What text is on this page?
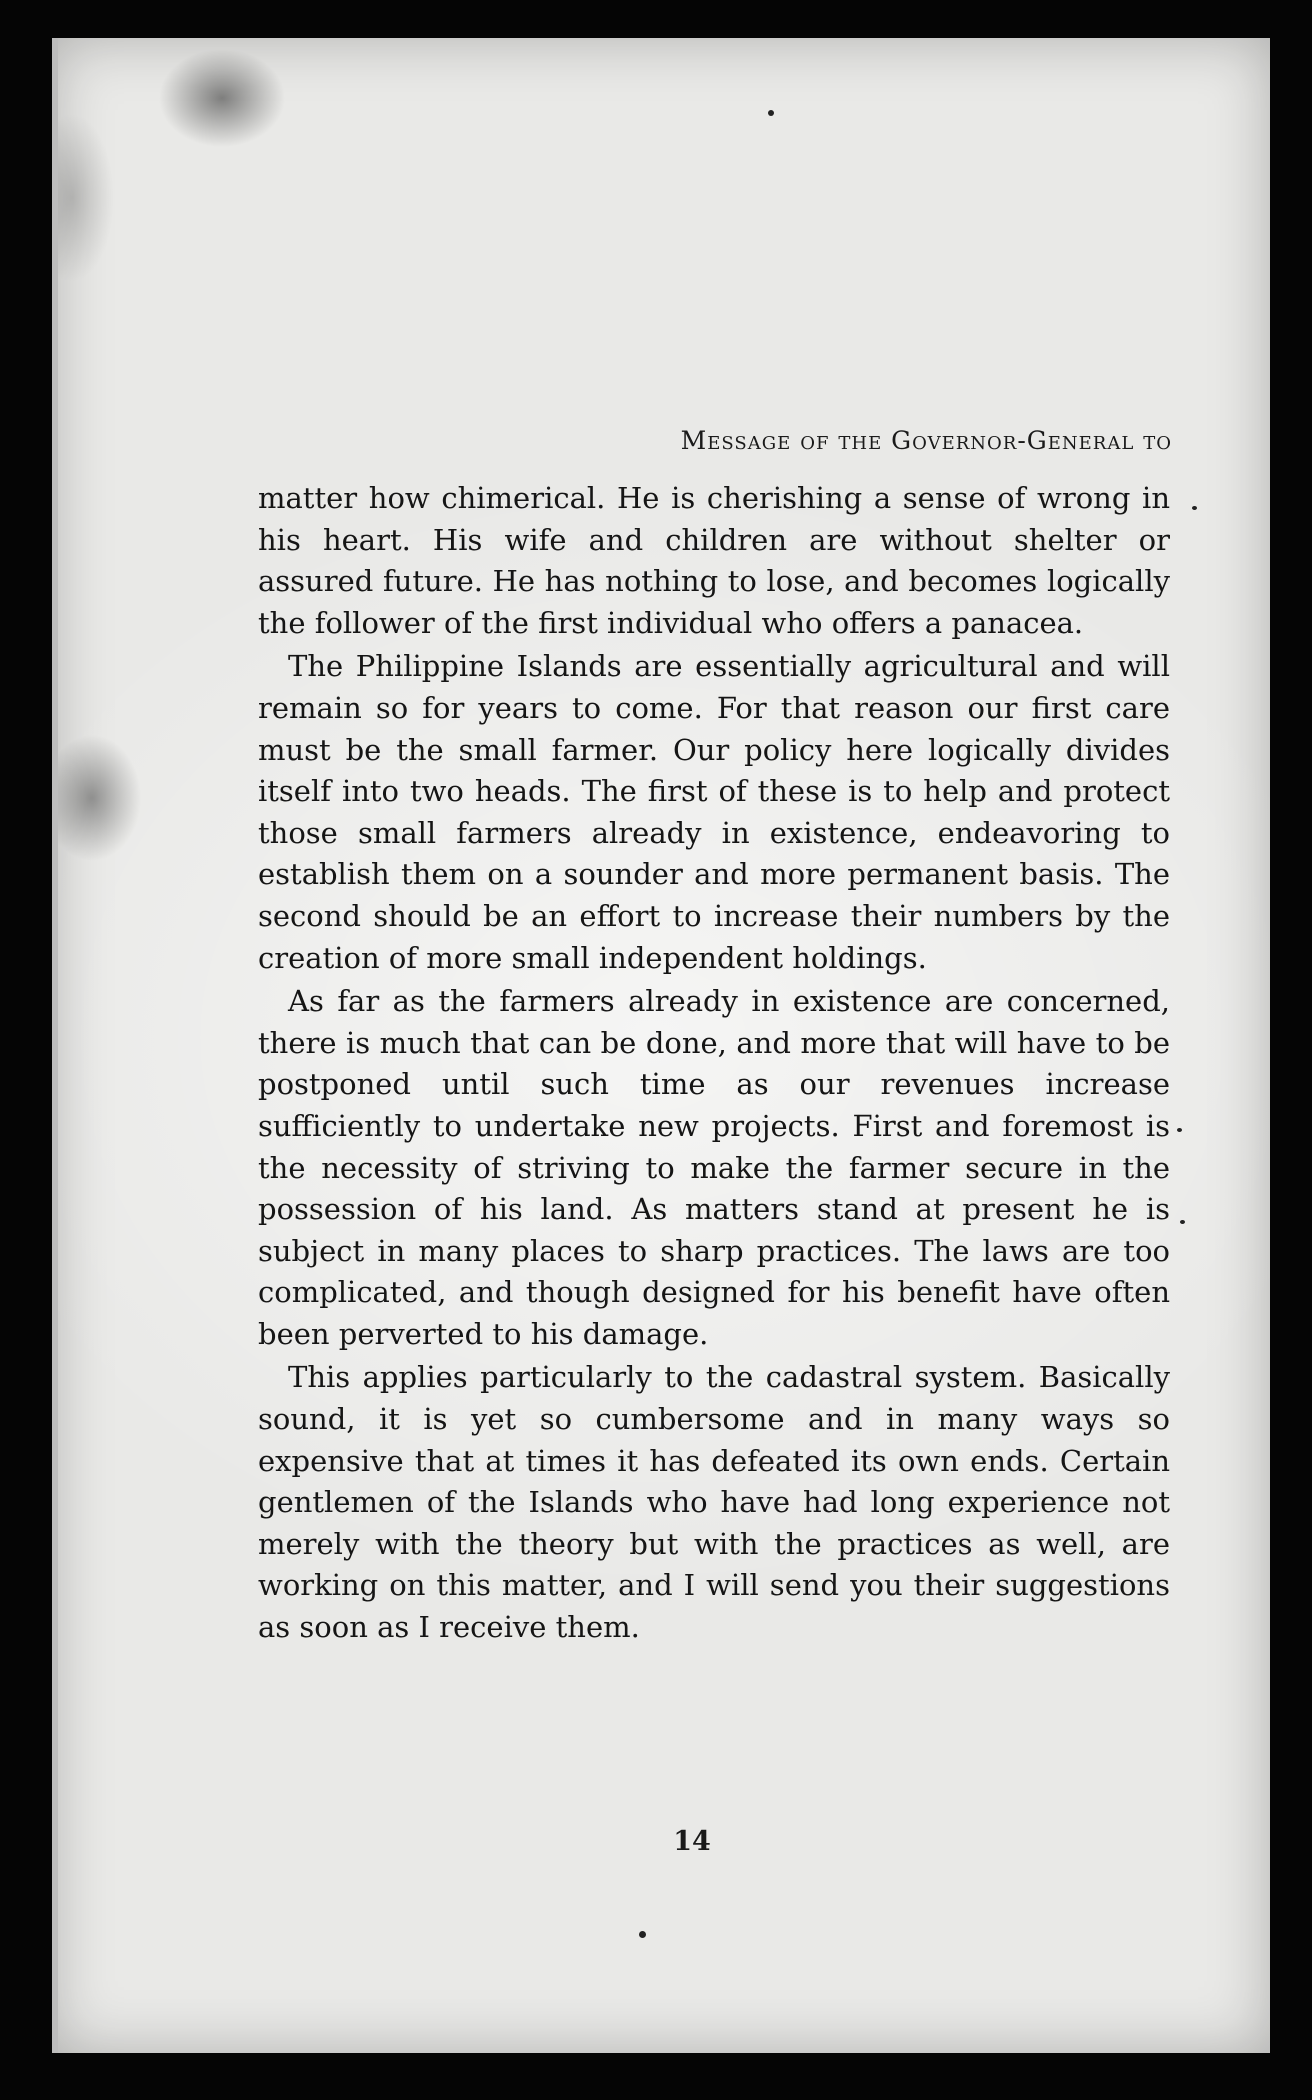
Message of the Governor-General to

matter how chimerical. He is cherishing a sense of wrong in his heart. His wife and children are without shelter or assured future. He has nothing to lose, and becomes logically the follower of the first individual who offers a panacea.

The Philippine Islands are essentially agricultural and will remain so for years to come. For that reason our first care must be the small farmer. Our policy here logically divides itself into two heads. The first of these is to help and protect those small farmers already in existence, endeavoring to establish them on a sounder and more permanent basis. The second should be an effort to increase their numbers by the creation of more small independent holdings.

As far as the farmers already in existence are concerned, there is much that can be done, and more that will have to be postponed until such time as our revenues increase sufficiently to undertake new projects. First and foremost is the necessity of striving to make the farmer secure in the possession of his land. As matters stand at present he is subject in many places to sharp practices. The laws are too complicated, and though designed for his benefit have often been perverted to his damage.

This applies particularly to the cadastral system. Basically sound, it is yet so cumbersome and in many ways so expensive that at times it has defeated its own ends. Certain gentlemen of the Islands who have had long experience not merely with the theory but with the practices as well, are working on this matter, and I will send you their suggestions as soon as I receive them.

14
